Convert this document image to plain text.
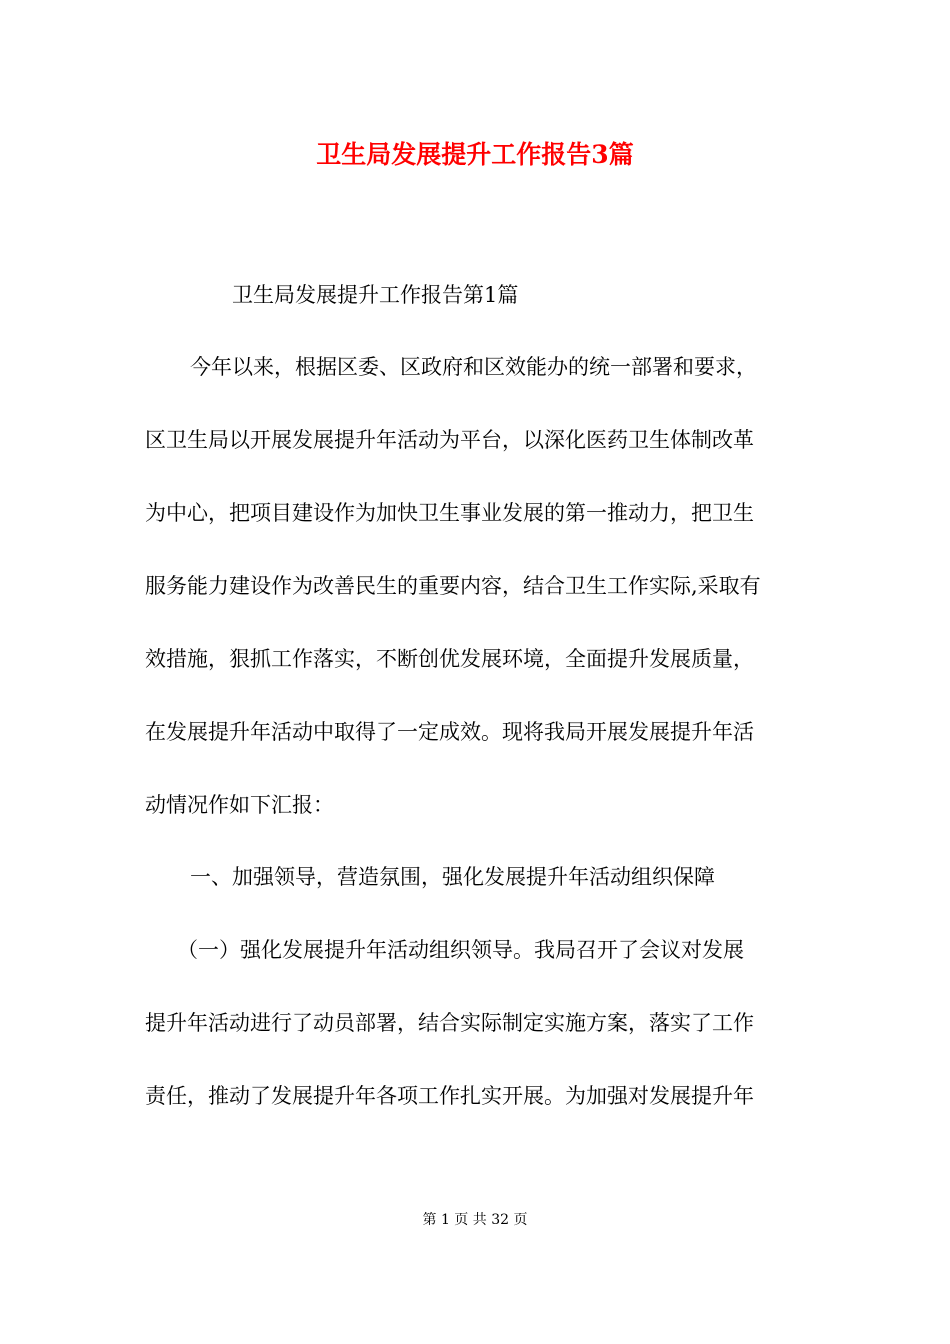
卫生局发展提升工作报告3篇
卫生局发展提升工作报告第1篇
今年以来，根据区委、区政府和区效能办的统一部署和要求，
区卫生局以开展发展提升年活动为平台，以深化医药卫生体制改革
为中心，把项目建设作为加快卫生事业发展的第一推动力，把卫生
服务能力建设作为改善民生的重要内容，结合卫生工作实际,采取有
效措施，狠抓工作落实，不断创优发展环境，全面提升发展质量，
在发展提升年活动中取得了一定成效。现将我局开展发展提升年活
动情况作如下汇报：
一、加强领导，营造氛围，强化发展提升年活动组织保障
（一）强化发展提升年活动组织领导。我局召开了会议对发展
提升年活动进行了动员部署，结合实际制定实施方案，落实了工作
责任，推动了发展提升年各项工作扎实开展。为加强对发展提升年
第 1 页 共 32 页
